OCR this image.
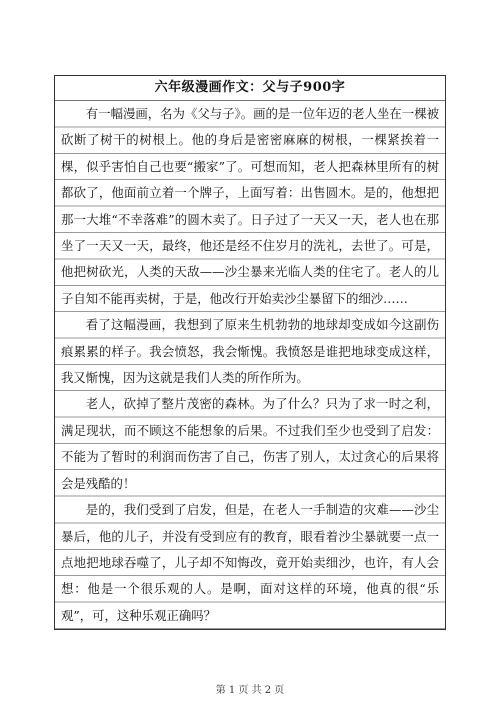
六年级漫画作文：父与子900字
有一幅漫画，名为《父与子》。画的是一位年迈的老人坐在一棵被砍断了树干的树根上。他的身后是密密麻麻的树根，一棵紧挨着一棵，似乎害怕自己也要“搬家”了。可想而知，老人把森林里所有的树都砍了，他面前立着一个牌子，上面写着：出售圆木。是的，他想把那一大堆“不幸落难”的圆木卖了。日子过了一天又一天，老人也在那坐了一天又一天，最终，他还是经不住岁月的洗礼，去世了。可是，他把树砍光，人类的天敌——沙尘暴来光临人类的住宅了。老人的儿子自知不能再卖树，于是，他改行开始卖沙尘暴留下的细沙……
看了这幅漫画，我想到了原来生机勃勃的地球却变成如今这副伤痕累累的样子。我会愤怒，我会惭愧。我愤怒是谁把地球变成这样，我又惭愧，因为这就是我们人类的所作所为。
老人，砍掉了整片茂密的森林。为了什么？只为了求一时之利，满足现状，而不顾这不能想象的后果。不过我们至少也受到了启发：不能为了暂时的利润而伤害了自己，伤害了别人，太过贪心的后果将会是残酷的！
是的，我们受到了启发，但是，在老人一手制造的灾难——沙尘暴后，他的儿子，并没有受到应有的教育，眼看着沙尘暴就要一点一点地把地球吞噬了，儿子却不知悔改，竟开始卖细沙，也许，有人会想：他是一个很乐观的人。是啊，面对这样的环境，他真的很“乐观”，可，这种乐观正确吗？
第 1 页 共 2 页
